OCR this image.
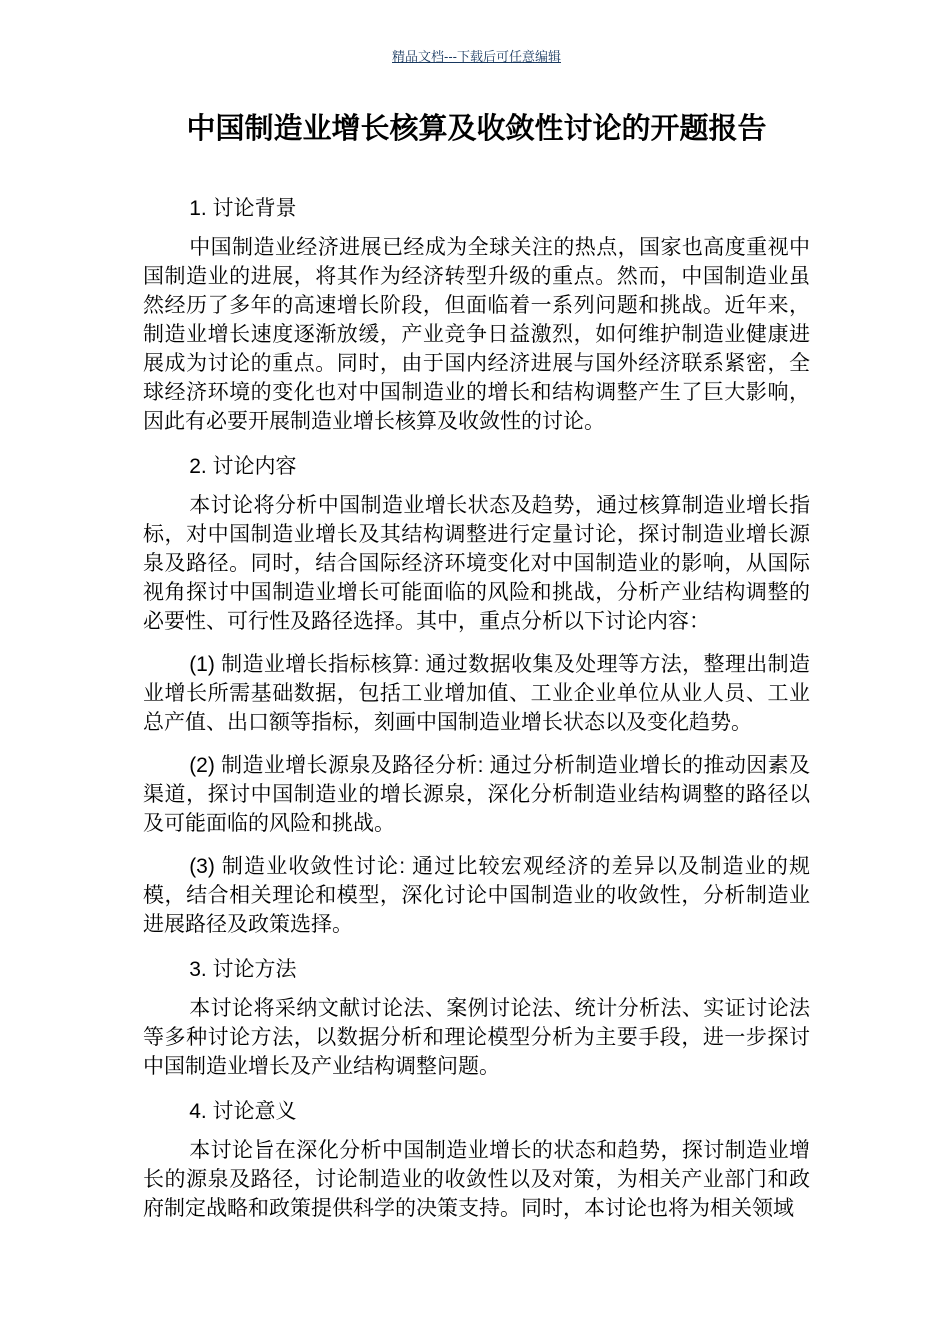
精品文档---下载后可任意编辑
中国制造业增长核算及收敛性讨论的开题报告
1. 讨论背景

中国制造业经济进展已经成为全球关注的热点，国家也高度重视中国制造业的进展，将其作为经济转型升级的重点。然而，中国制造业虽然经历了多年的高速增长阶段，但面临着一系列问题和挑战。近年来，制造业增长速度逐渐放缓，产业竞争日益激烈，如何维护制造业健康进展成为讨论的重点。同时，由于国内经济进展与国外经济联系紧密，全球经济环境的变化也对中国制造业的增长和结构调整产生了巨大影响，因此有必要开展制造业增长核算及收敛性的讨论。

2. 讨论内容

本讨论将分析中国制造业增长状态及趋势，通过核算制造业增长指标，对中国制造业增长及其结构调整进行定量讨论，探讨制造业增长源泉及路径。同时，结合国际经济环境变化对中国制造业的影响，从国际视角探讨中国制造业增长可能面临的风险和挑战，分析产业结构调整的必要性、可行性及路径选择。其中，重点分析以下讨论内容：

(1) 制造业增长指标核算: 通过数据收集及处理等方法，整理出制造业增长所需基础数据，包括工业增加值、工业企业单位从业人员、工业总产值、出口额等指标，刻画中国制造业增长状态以及变化趋势。

(2) 制造业增长源泉及路径分析: 通过分析制造业增长的推动因素及渠道，探讨中国制造业的增长源泉，深化分析制造业结构调整的路径以及可能面临的风险和挑战。

(3) 制造业收敛性讨论: 通过比较宏观经济的差异以及制造业的规模，结合相关理论和模型，深化讨论中国制造业的收敛性，分析制造业进展路径及政策选择。

3. 讨论方法

本讨论将采纳文献讨论法、案例讨论法、统计分析法、实证讨论法等多种讨论方法，以数据分析和理论模型分析为主要手段，进一步探讨中国制造业增长及产业结构调整问题。

4. 讨论意义

本讨论旨在深化分析中国制造业增长的状态和趋势，探讨制造业增长的源泉及路径，讨论制造业的收敛性以及对策，为相关产业部门和政府制定战略和政策提供科学的决策支持。同时，本讨论也将为相关领域
